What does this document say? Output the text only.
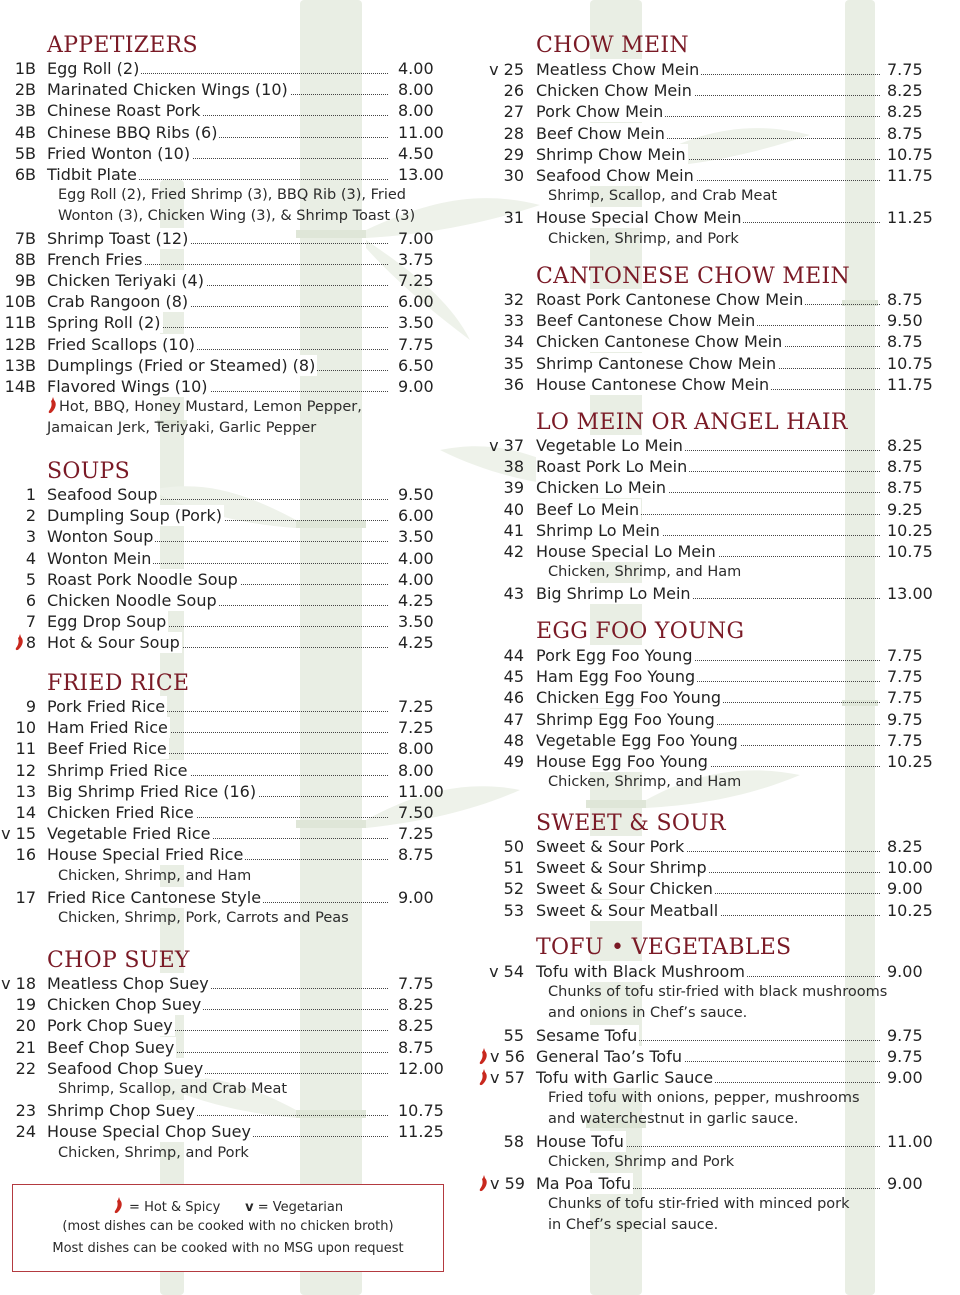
APPETIZERS
1B Egg Roll (2)	4.00
2B Marinated Chicken Wings (10)	8.00
3B Chinese Roast Pork	8.00
4B Chinese BBQ Ribs (6)	11.00
5B Fried Wonton (10)	4.50
6B Tidbit Plate	13.00
Egg Roll (2), Fried Shrimp (3), BBQ Rib (3), Fried
Wonton (3), Chicken Wing (3), & Shrimp Toast (3)
7B Shrimp Toast (12)	7.00
8B French Fries	3.75
9B Chicken Teriyaki (4)	7.25
10B Crab Rangoon (8)	6.00
11B Spring Roll (2)	3.50
12B Fried Scallops (10)	7.75
13B Dumplings (Fried or Steamed) (8)	6.50
14B Flavored Wings (10)	9.00
Hot, BBQ, Honey Mustard, Lemon Pepper,
Jamaican Jerk, Teriyaki, Garlic Pepper
SOUPS
1 Seafood Soup	9.50
2 Dumpling Soup (Pork)	6.00
3 Wonton Soup	3.50
4 Wonton Mein	4.00
5 Roast Pork Noodle Soup	4.00
6 Chicken Noodle Soup	4.25
7 Egg Drop Soup	3.50
8 Hot & Sour Soup	4.25
FRIED RICE
9 Pork Fried Rice	7.25
10 Ham Fried Rice	7.25
11 Beef Fried Rice	8.00
12 Shrimp Fried Rice	8.00
13 Big Shrimp Fried Rice (16)	11.00
14 Chicken Fried Rice	7.50
v 15 Vegetable Fried Rice	7.25
16 House Special Fried Rice	8.75
Chicken, Shrimp, and Ham
17 Fried Rice Cantonese Style	9.00
Chicken, Shrimp, Pork, Carrots and Peas
CHOP SUEY
v 18 Meatless Chop Suey	7.75
19 Chicken Chop Suey	8.25
20 Pork Chop Suey	8.25
21 Beef Chop Suey	8.75
22 Seafood Chop Suey	12.00
Shrimp, Scallop, and Crab Meat
23 Shrimp Chop Suey	10.75
24 House Special Chop Suey	11.25
Chicken, Shrimp, and Pork
CHOW MEIN
v 25 Meatless Chow Mein	7.75
26 Chicken Chow Mein	8.25
27 Pork Chow Mein	8.25
28 Beef Chow Mein	8.75
29 Shrimp Chow Mein	10.75
30 Seafood Chow Mein	11.75
Shrimp, Scallop, and Crab Meat
31 House Special Chow Mein	11.25
Chicken, Shrimp, and Pork
CANTONESE CHOW MEIN
32 Roast Pork Cantonese Chow Mein	8.75
33 Beef Cantonese Chow Mein	9.50
34 Chicken Cantonese Chow Mein	8.75
35 Shrimp Cantonese Chow Mein	10.75
36 House Cantonese Chow Mein	11.75
LO MEIN OR ANGEL HAIR
v 37 Vegetable Lo Mein	8.25
38 Roast Pork Lo Mein	8.75
39 Chicken Lo Mein	8.75
40 Beef Lo Mein	9.25
41 Shrimp Lo Mein	10.25
42 House Special Lo Mein	10.75
Chicken, Shrimp, and Ham
43 Big Shrimp Lo Mein	13.00
EGG FOO YOUNG
44 Pork Egg Foo Young	7.75
45 Ham Egg Foo Young	7.75
46 Chicken Egg Foo Young	7.75
47 Shrimp Egg Foo Young	9.75
48 Vegetable Egg Foo Young	7.75
49 House Egg Foo Young	10.25
Chicken, Shrimp, and Ham
SWEET & SOUR
50 Sweet & Sour Pork	8.25
51 Sweet & Sour Shrimp	10.00
52 Sweet & Sour Chicken	9.00
53 Sweet & Sour Meatball	10.25
TOFU • VEGETABLES
v 54 Tofu with Black Mushroom	9.00
Chunks of tofu stir-fried with black mushrooms
and onions in Chef’s sauce.
55 Sesame Tofu	9.75
v 56 General Tao’s Tofu	9.75
v 57 Tofu with Garlic Sauce	9.00
Fried tofu with onions, pepper, mushrooms
and waterchestnut in garlic sauce.
58 House Tofu	11.00
Chicken, Shrimp and Pork
v 59 Ma Poa Tofu	9.00
Chunks of tofu stir-fried with minced pork
in Chef’s special sauce.
= Hot & Spicy v = Vegetarian
(most dishes can be cooked with no chicken broth)
Most dishes can be cooked with no MSG upon request
